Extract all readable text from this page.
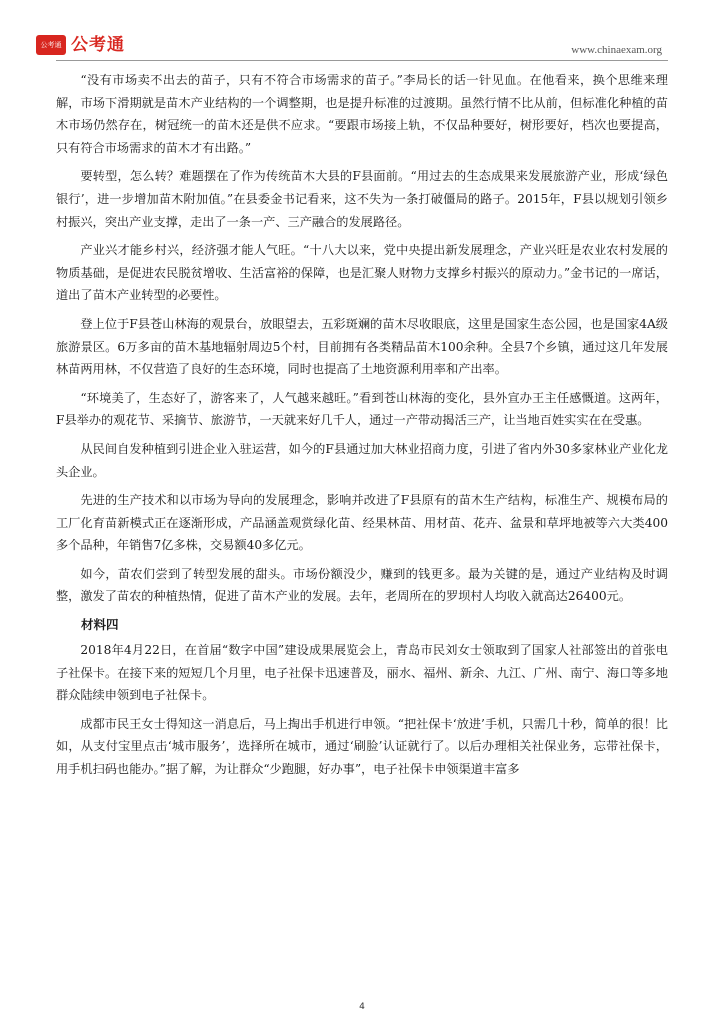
公考通 公考通	www.chinaexam.org

“没有市场卖不出去的苗子，只有不符合市场需求的苗子。”李局长的话一针见血。在他看来，换个思维来理解，市场下滑期就是苗木产业结构的一个调整期，也是提升标准的过渡期。虽然行情不比从前，但标准化种植的苗木市场仍然存在，树冠统一的苗木还是供不应求。“要跟市场接上轨，不仅品种要好，树形要好，档次也要提高，只有符合市场需求的苗木才有出路。”

要转型，怎么转？难题摆在了作为传统苗木大县的F县面前。“用过去的生态成果来发展旅游产业，形成‘绿色银行’，进一步增加苗木附加值。”在县委金书记看来，这不失为一条打破僵局的路子。2015年，F县以规划引领乡村振兴，突出产业支撑，走出了一条一产、三产融合的发展路径。

产业兴才能乡村兴，经济强才能人气旺。“十八大以来，党中央提出新发展理念，产业兴旺是农业农村发展的物质基础，是促进农民脱贫增收、生活富裕的保障，也是汇聚人财物力支撑乡村振兴的原动力。”金书记的一席话，道出了苗木产业转型的必要性。

登上位于F县苍山林海的观景台，放眼望去，五彩斑斓的苗木尽收眼底，这里是国家生态公园，也是国家4A级旅游景区。6万多亩的苗木基地辐射周边5个村，目前拥有各类精品苗木100余种。全县7个乡镇，通过这几年发展林苗两用林，不仅营造了良好的生态环境，同时也提高了土地资源利用率和产出率。

“环境美了，生态好了，游客来了，人气越来越旺。”看到苍山林海的变化，县外宣办王主任感慨道。这两年，F县举办的观花节、采摘节、旅游节，一天就来好几千人，通过一产带动揭活三产，让当地百姓实实在在受惠。

从民间自发种植到引进企业入驻运营，如今的F县通过加大林业招商力度，引进了省内外30多家林业产业化龙头企业。

先进的生产技术和以市场为导向的发展理念，影响并改进了F县原有的苗木生产结构，标准生产、规模布局的工厂化育苗新模式正在逐渐形成，产品涵盖观赏绿化苗、经果林苗、用材苗、花卉、盆景和草坪地被等六大类400多个品种，年销售7亿多株，交易额40多亿元。

如今，苗农们尝到了转型发展的甜头。市场份额没少，赚到的钱更多。最为关键的是，通过产业结构及时调整，激发了苗农的种植热情，促进了苗木产业的发展。去年，老周所在的罗坝村人均收入就高达26400元。

材料四

2018年4月22日，在首届“数字中国”建设成果展览会上，青岛市民刘女士领取到了国家人社部签出的首张电子社保卡。在接下来的短短几个月里，电子社保卡迅速普及，丽水、福州、新余、九江、广州、南宁、海口等多地群众陆续申领到电子社保卡。

成都市民王女士得知这一消息后，马上掏出手机进行申领。“把社保卡‘放进’手机，只需几十秒，简单的很！比如，从支付宝里点击‘城市服务’，选择所在城市，通过‘刷脸’认证就行了。以后办理相关社保业务，忘带社保卡，用手机扫码也能办。”据了解，为让群众“少跑腿，好办事”，电子社保卡申领渠道丰富多

4
